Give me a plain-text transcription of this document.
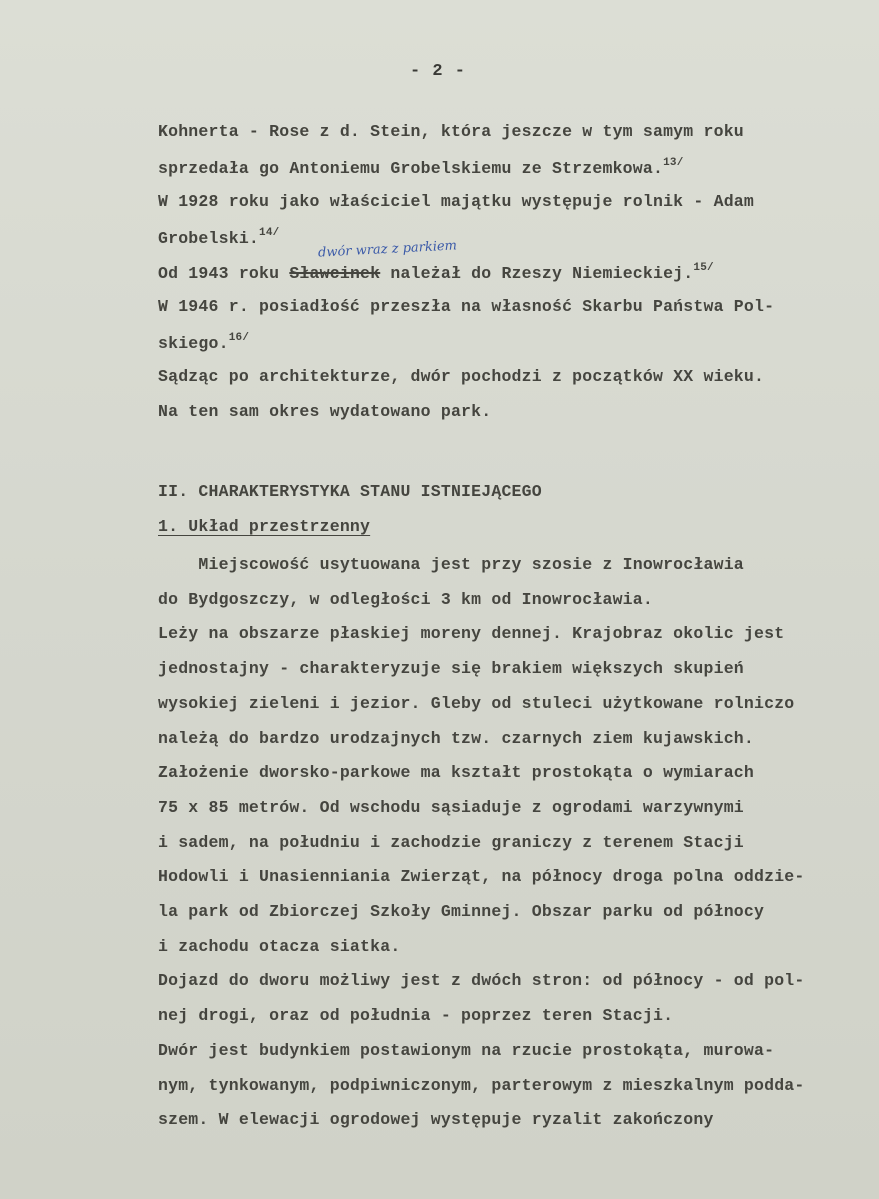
- 2 -
Kohnerta - Rose z d. Stein, która jeszcze w tym samym roku
sprzedała go Antoniemu Grobelskiemu ze Strzemkowa.$^{13/}$
W 1928 roku jako właściciel majątku występuje rolnik - Adam
Grobelski.$^{14/}$
dwór wraz z parkiem
Od 1943 roku Sławcinek należał do Rzeszy Niemieckiej.$^{15/}$
W 1946 r. posiadłość przeszła na własność Skarbu Państwa Pol-
skiego.$^{16/}$
Sądząc po architekturze, dwór pochodzi z początków XX wieku.
Na ten sam okres wydatowano park.
II. CHARAKTERYSTYKA STANU ISTNIEJĄCEGO
1. Układ przestrzenny
Miejscowość usytuowana jest przy szosie z Inowrocławia
do Bydgoszczy, w odległości 3 km od Inowrocławia.
Leży na obszarze płaskiej moreny dennej. Krajobraz okolic jest
jednostajny - charakteryzuje się brakiem większych skupień
wysokiej zieleni i jezior. Gleby od stuleci użytkowane rolniczo
należą do bardzo urodzajnych tzw. czarnych ziem kujawskich.
Założenie dworsko-parkowe ma kształt prostokąta o wymiarach
75 x 85 metrów. Od wschodu sąsiaduje z ogrodami warzywnymi
i sadem, na południu i zachodzie graniczy z terenem Stacji
Hodowli i Unasienniania Zwierząt, na północy droga polna oddzie-
la park od Zbiorczej Szkoły Gminnej. Obszar parku od północy
i zachodu otacza siatka.
Dojazd do dworu możliwy jest z dwóch stron: od północy - od pol-
nej drogi, oraz od południa - poprzez teren Stacji.
Dwór jest budynkiem postawionym na rzucie prostokąta, murowa-
nym, tynkowanym, podpiwniczonym, parterowym z mieszkalnym podda-
szem. W elewacji ogrodowej występuje ryzalit zakończony
